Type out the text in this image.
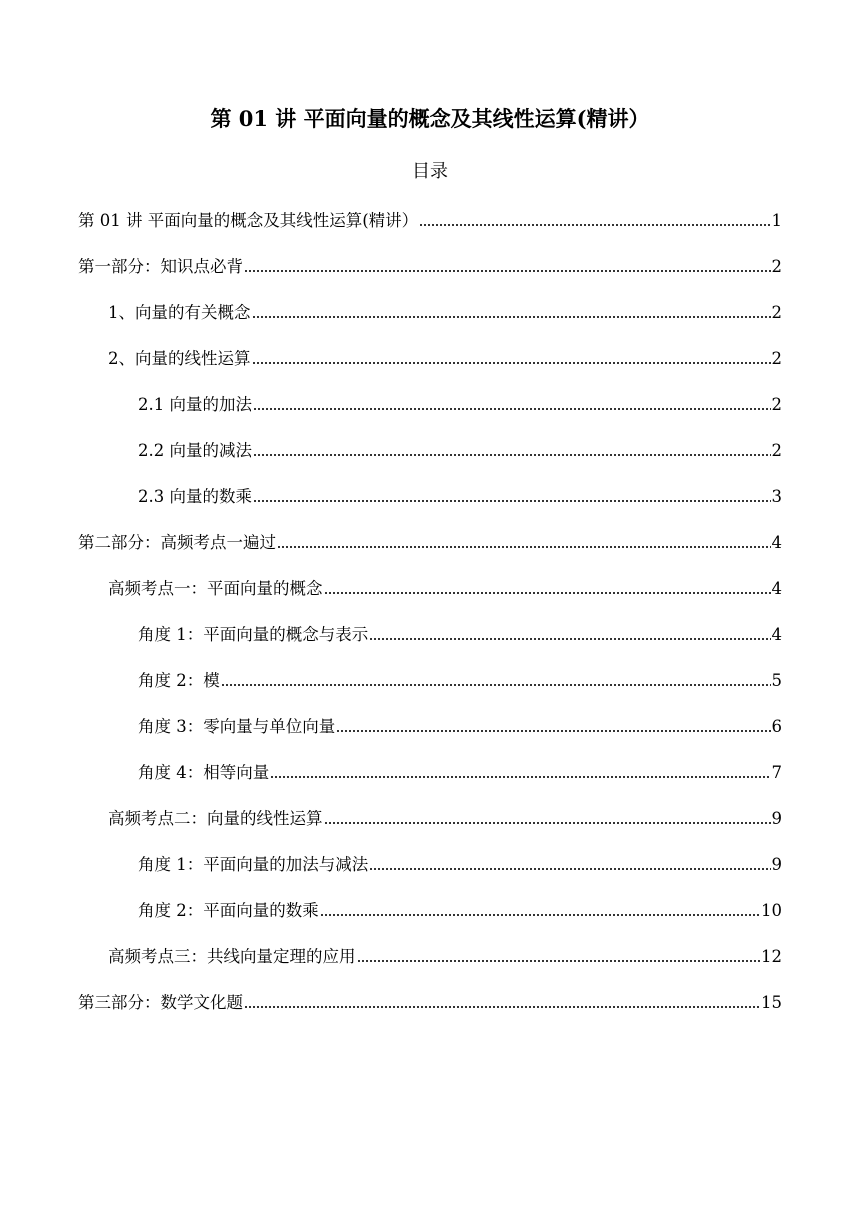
第 01 讲 平面向量的概念及其线性运算(精讲）
目录
第 01 讲 平面向量的概念及其线性运算(精讲）	1
第一部分：知识点必背	2
1、向量的有关概念	2
2、向量的线性运算	2
2.1 向量的加法	2
2.2 向量的减法	2
2.3 向量的数乘	3
第二部分：高频考点一遍过	4
高频考点一：平面向量的概念	4
角度 1：平面向量的概念与表示	4
角度 2：模	5
角度 3：零向量与单位向量	6
角度 4：相等向量	7
高频考点二：向量的线性运算	9
角度 1：平面向量的加法与减法	9
角度 2：平面向量的数乘	10
高频考点三：共线向量定理的应用	12
第三部分：数学文化题	15
